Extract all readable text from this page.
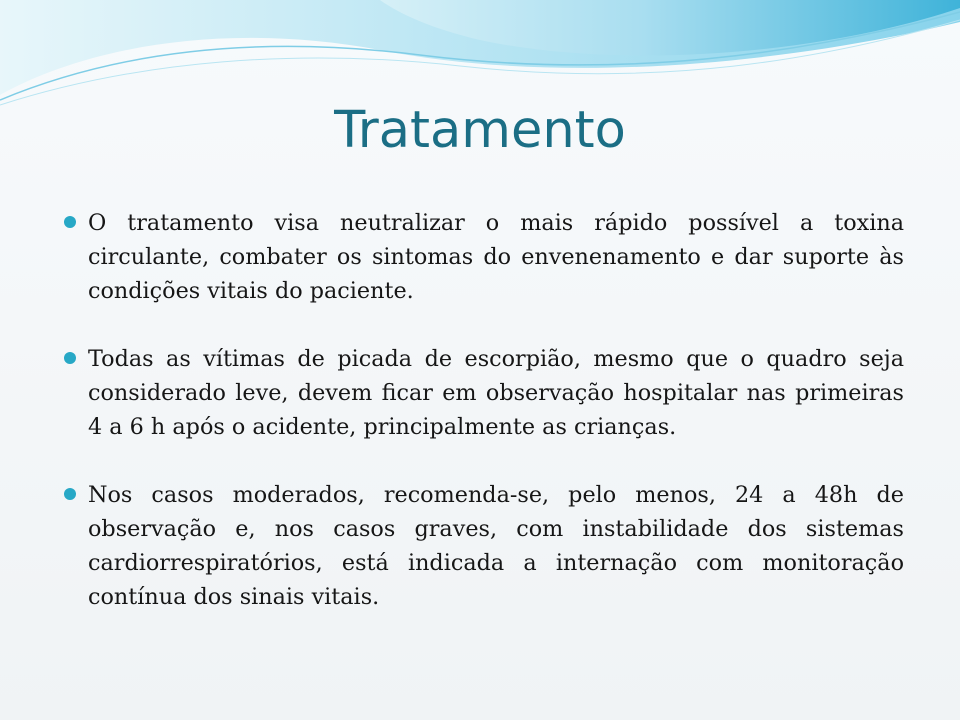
Tratamento
O tratamento visa neutralizar o mais rápido possível a toxina circulante, combater os sintomas do envenenamento e dar suporte às condições vitais do paciente.
Todas as vítimas de picada de escorpião, mesmo que o quadro seja considerado leve, devem ficar em observação hospitalar nas primeiras 4 a 6 h após o acidente, principalmente as crianças.
Nos casos moderados, recomenda-se, pelo menos, 24 a 48h de observação e, nos casos graves, com instabilidade dos sistemas cardiorrespiratórios, está indicada a internação com monitoração contínua dos sinais vitais.
